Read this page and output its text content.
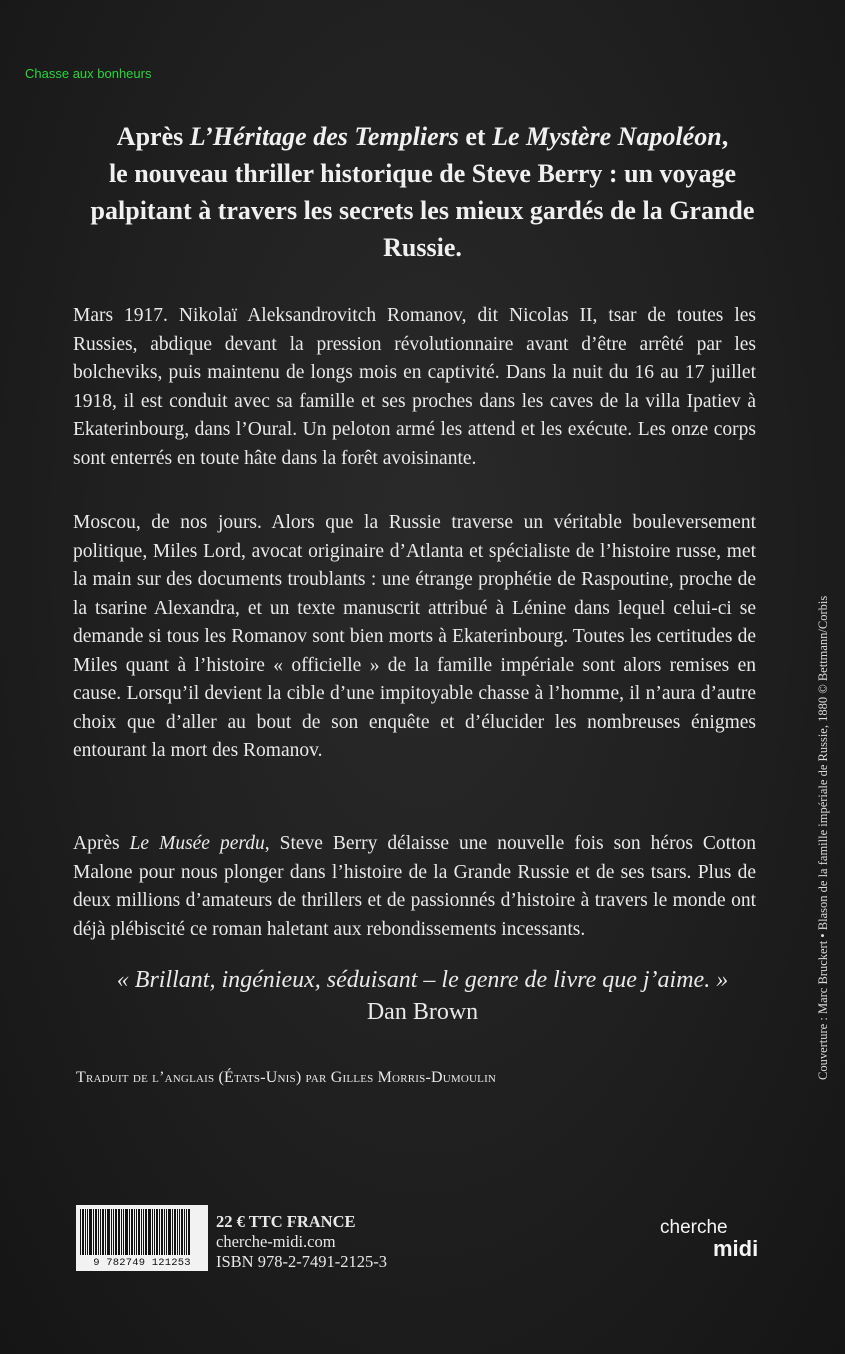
Chasse aux bonheurs
Après L’Héritage des Templiers et Le Mystère Napoléon,
le nouveau thriller historique de Steve Berry : un voyage palpitant à travers les secrets les mieux gardés de la Grande Russie.

Mars 1917. Nikolaï Aleksandrovitch Romanov, dit Nicolas II, tsar de toutes les Russies, abdique devant la pression révolutionnaire avant d’être arrêté par les bolcheviks, puis maintenu de longs mois en captivité. Dans la nuit du 16 au 17 juillet 1918, il est conduit avec sa famille et ses proches dans les caves de la villa Ipatiev à Ekaterinbourg, dans l’Oural. Un peloton armé les attend et les exécute. Les onze corps sont enterrés en toute hâte dans la forêt avoisinante.

Moscou, de nos jours. Alors que la Russie traverse un véritable bouleversement politique, Miles Lord, avocat originaire d’Atlanta et spécialiste de l’histoire russe, met la main sur des documents troublants : une étrange prophétie de Raspoutine, proche de la tsarine Alexandra, et un texte manuscrit attribué à Lénine dans lequel celui-ci se demande si tous les Romanov sont bien morts à Ekaterinbourg. Toutes les certitudes de Miles quant à l’histoire « officielle » de la famille impériale sont alors remises en cause. Lorsqu’il devient la cible d’une impitoyable chasse à l’homme, il n’aura d’autre choix que d’aller au bout de son enquête et d’élucider les nombreuses énigmes entourant la mort des Romanov.

Après Le Musée perdu, Steve Berry délaisse une nouvelle fois son héros Cotton Malone pour nous plonger dans l’histoire de la Grande Russie et de ses tsars. Plus de deux millions d’amateurs de thrillers et de passionnés d’histoire à travers le monde ont déjà plébiscité ce roman haletant aux rebondissements incessants.

« Brillant, ingénieux, séduisant – le genre de livre que j’aime. »
Dan Brown
Traduit de l’anglais (États-Unis) par Gilles Morris-Dumoulin	Couverture : Marc Bruckert • Blason de la famille impériale de Russie, 1880 © Bettmann/Corbis
9 782749 121253
22 € TTC FRANCE
cherche-midi.com
ISBN 978-2-7491-2125-3
cherche
midi
